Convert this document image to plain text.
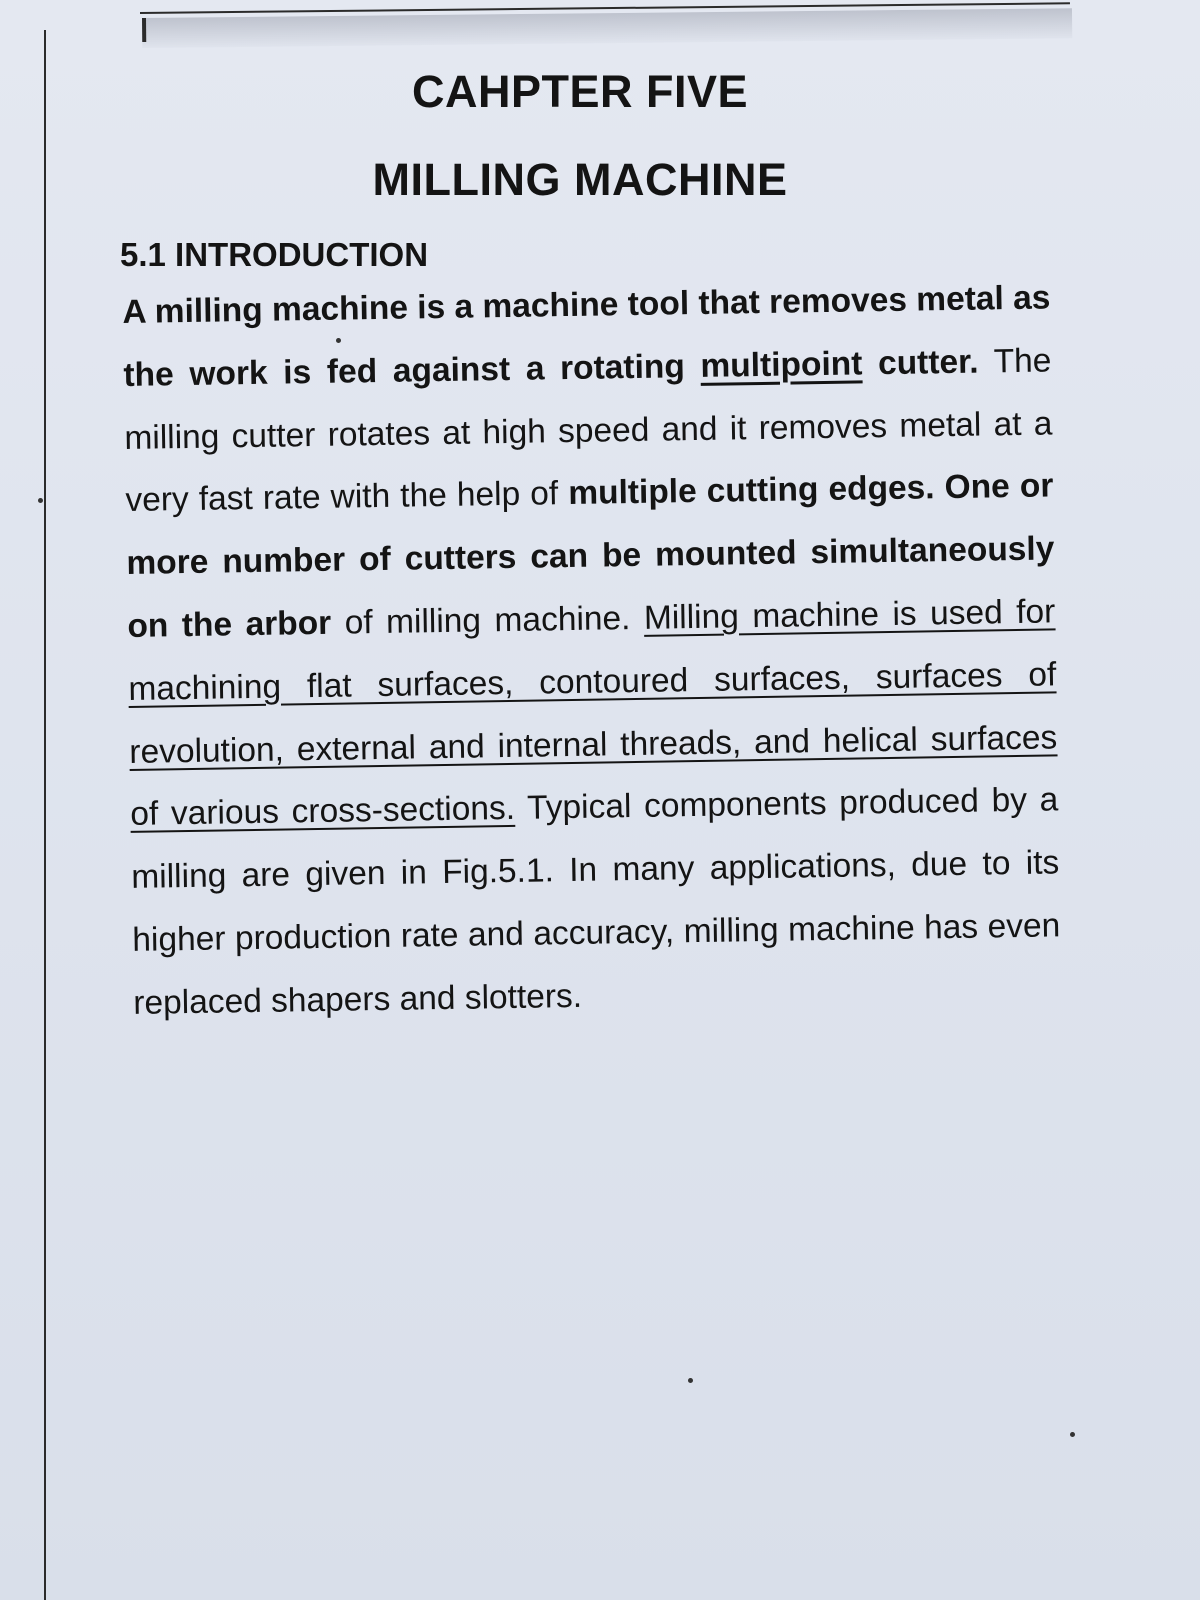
CAHPTER FIVE
MILLING MACHINE
5.1 INTRODUCTION
A milling machine is a machine tool that removes metal as the work is fed against a rotating multipoint cutter. The milling cutter rotates at high speed and it removes metal at a very fast rate with the help of multiple cutting edges. One or more number of cutters can be mounted simultaneously on the arbor of milling machine. Milling machine is used for machining flat surfaces, contoured surfaces, surfaces of revolution, external and internal threads, and helical surfaces of various cross-sections. Typical components produced by a milling are given in Fig.5.1. In many applications, due to its higher production rate and accuracy, milling machine has even replaced shapers and slotters.
